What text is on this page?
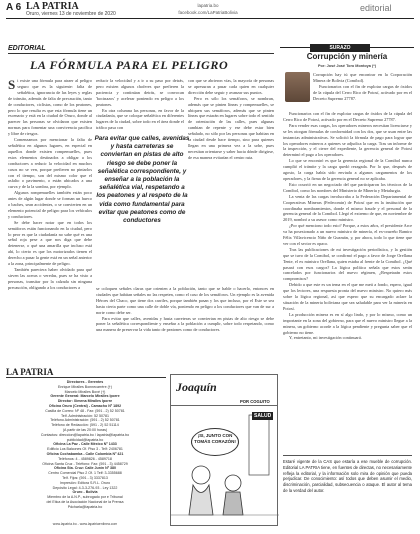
A 6 LA PATRIA
Oruro, viernes 13 de noviembre de 2020
lapatria.bo
facebook.com/LaPatriaBolivia	editorial
EDITORIAL
LA FÓRMULA PARA EL PELIGRO

Si existe una fórmula para atraer al peligro seguro que es la siguiente: falta de señalética, ignorancia de las leyes y reglas de tránsito, además de falta de precaución, tanto de conductores, ciclistas, como de los peatones, pero lo que resulta es que esta fórmula tiene un escenario y está en la ciudad de Oruro, donde al parecer las personas se olvidaron que existen normas para fomentar una convivencia pacífica y libre de riesgos.

Comenzamos por mencionar la falta de señalética en algunos lugares, en especial en aquellos donde existen rompemuelles, pues estos elementos destinados a obligar a los conductores a reducir la velocidad en muchos casos no se ven, porque prefieren no pintarlos con el tiempo, son del mismo color que el asfalto o pavimento, o están ubicados a una curva y de la la sombra, por ejemplo.

Algunos rompemuelles también están poco antes de algún lugar donde se forman un hueco o baches, sean accidentes, o se convierten en un elemento potencial de peligro para los vehículos y conductores.

Se debe hacer notar que en todos los semáforos están funcionando en la ciudad, pero lo peor es que la ciudadanía no sabe qué es una señal roja pese a que nos diga que debe detenerse, o qué una amarilla que incluso está ahí, lo cierto es que los motorizados tienen el derecho a pasar la gente está en un señal anterior a la zona, principalmente de peligro.

También pareciera haber olvidado para qué sirven las aceras o veredas, pues se ha visto a personas, transitar por la calzada sin ninguna precaución, obligando a los conductores a

reducir la velocidad y a ir a su paso por detrás, pero existen algunos choferes que prefieren la paciencia y continúan detrás, se convocan 'bocinazos' y acelerar poniendo en peligro a los peatones.

En otra columna las personas, en favor de la ciudadanía, que se coloque señalética en diferentes lugares de la ciudad, sobre todo en el área donde el tráfico pasa con

Para evitar que calles, avenidas y hasta carreteras se conviertan en pistas de alto riesgo se debe poner la señalética correspondiente, y enseñar a la población la señalética vial, respetando a los peatones y al respeto de la vida como fundamental para evitar que peatones como de conductores

se coloquen señales claras que orienten a la población, tanto que se hable o hacerlo, entonces en ciudades que habitan señales no las respeten, como el caso de los semáforos. Un ejemplo es la avenida Héroes del Chaco, que tiene dos carriles, porque también pasan y los que incluso, por el Este se sea hasta cierta parte como una calle de doble vía, poniendo en peligro a los conductores que van de sur a norte como debe ser.

Para evitar que calles, avenidas y hasta carreteras se conviertan en pistas de alto riesgo se debe poner la señalética correspondiente y enseñar a la población a cumplir, sobre todo respetando, como una manera de preservar la vida tanto de peatones como de conductores.

con que se abrieron vías, la mayoría de personas se apresuran a pasar cada quien en cualquier dirección debe seguir y avanzar sus puntos.

Pero es sólo los semáforos, se nombran, además que se pinten líneas y rompemuelles, se ubiquen sus semáforos, además que se pinten líneas que estarán en lugares sobre todo el sentido de orientación de las calles, pues algunas cambian de repente y ese debe estar bien señalado, no sólo por las personas que habitan en la ciudad desde hace tiempo, sino para quienes llegan en una primera vez a la urbe, pues necesitan orientarse y saber hacia dónde dirigirse, de esa manera evitarían el centro ruta.

SURAZO
Corrupción y minería
Por: José José Toro Montoya (*)

Corrupción hay tú que encontrar en la Corporación Minera de Bolivia (Comibol).

Funcionarios con el fin de explotar cargas de óxidos de la cúpula del Cerro Rico de Potosí, activado por en el Decreto Supremo 27787.

Funcionarios con el fin de explotar cargas de óxidos de la cúpula del Cerro Rico de Potosí, activado por en el Decreto Supremo 27787.

Para vender esas cargas, los operadores mineros necesitan licenciarse y se les otorgan fórmulas de conformidad con los dos, que se usan entre las instancias administrativas. Se solicitó la fórmula de pago para lograr que los operadores mineros a quienes se adjudica la carga. Tras un informe de la inspección, y el cierre del expediente, la gerencia general de Potosí determinó el pago a los operadores.

Lo que se encontró es que la gerencia regional de la Comibol nunca cumplió el trámite y la carga quedó rezagada. Por lo que, después de agosto, la carga había sido enviada a algunos cargamentos de los operadores, y la firma de la gerencia general no se aplicaba.

Esto ocurrió en un negociado del que participaron los técnicos de la Comibol, como los nombres del Ministerio de Minería y Metalurgia.

La venta de las cargas involucraba a la Federación Departamental de Cooperativas Mineras (Fedecomin) de Potosí que en la institución que coordinaba nombramientos, donde el mismo fraude y el personal de la gerencia general de la Comibol. Llegó el extremo de que, en noviembre de 2019, nombró a su asesor como ministro.

¿Por qué menciono todo esto? Porque, a estos años, el presidente Arce va ha posesionado a un nuevo ministro de minería, el ex-orureño Ramiro Félix Villavicencio Niño de Guzmán, y, por ahora, todo lo que tiene que ver con el sector es opaco.

Tras las publicaciones de mi investigación periodística, y la gestión que se tuvo de la Comibol, se confirmó el pago a favor de Jorge Orellana Tente, el ex ministro Orellana, quien estaba al frente de la Comibol. ¿Qué pasará con esos cargos? La lógica política señala que estos serán cancelados por funcionarios del nuevo régimen, ¿Respetarán estos compromisos?

Debido a que este es un tema en el que me meti a fondo, espero, igual que los lectores, una respuesta pronta del nuevo ministro. No quiero más sobre la lógica regional, así que espero que su encargado aclare la situación de la mineria boliviana que sea saludable para ver la minería en Potosí.

La producción minera es en sí algo lindo, y por lo mismo, como un importante en la zona del gobierno, para que el nuevo ministro llegue a la minera, un gobierno acorde a la lógica pendiente y pregunta saber que el gobierno no tiene.

Y, entretanto, mi investigación continuará.

Estaré vigente de la CAS que estaría a ese mueble de corrupción. Editorial LA PATRIA tiene, en fuentes de directas, no necesariamente refleja la editorial, y la información solo mira de opinión que pueda perjudicar. De conocimiento: así todos que deben asumir el medio, discriminación, parcialidad, subsecuencia o ataque. El autor al tema de la verdad del autor.
LA PATRIA
Directores - Gerentes
Enrique Miralles Bonnecarrère (†)
Marcelo Miralles Bové (†)
Gerente General: Marcelo Miralles Iporre
Director: Ximena Miralles Iporre
Oficina Oruro (Central) - Camacho Nº 1892
Casilla de Correo: Nº 48 - Fax: (591 - 2) 52 50781
Telf. Administración: 52 50781
Teléfono Administración: (591 - 2) 52 50781
Teléfono de Redacción: (591 - 2) 52 51114
(A partir de las 20:00 horas)
Contactos: direccion@lapatria.bo / lapatria@lapatria.bo
publicidad@lapatria.bo
Oficina La Paz - Calle México Nº 1433
Edificio Los Balcones Of. Piso 3 - Telf: 2406781
Oficina Cochabamba - Calle Colombia Nº 421
Teléfonos: 4 - 4589826 - 4589718
Oficina Santa Cruz - Teléfono: Fax: (591 - 3) 4458729
Oficina Sta. Cruz: Calle Junín Nº 380
Centro Comercial Piso 2 Of. 1 Telf: 3-3355688
Telf. Fijos: (591 - 3) 3337813
Impresión: Editora S.R.L. Oruro
Depósito Legal: 4-3-3-276-93 - Ley 1322
Oruro - Bolivia
Miembro de la A.N.P., subrogado por e Tribunal
del Etica de la Asociación Nacional de la Prensa
Pdcharla@lapatria.bo
www.lapatria.bo - www.lapatriaenlinea.com
Joaquín
POR COGUITO
¡SI, JUNTO CON TOMÁS CORAZÓN!
SALUD
